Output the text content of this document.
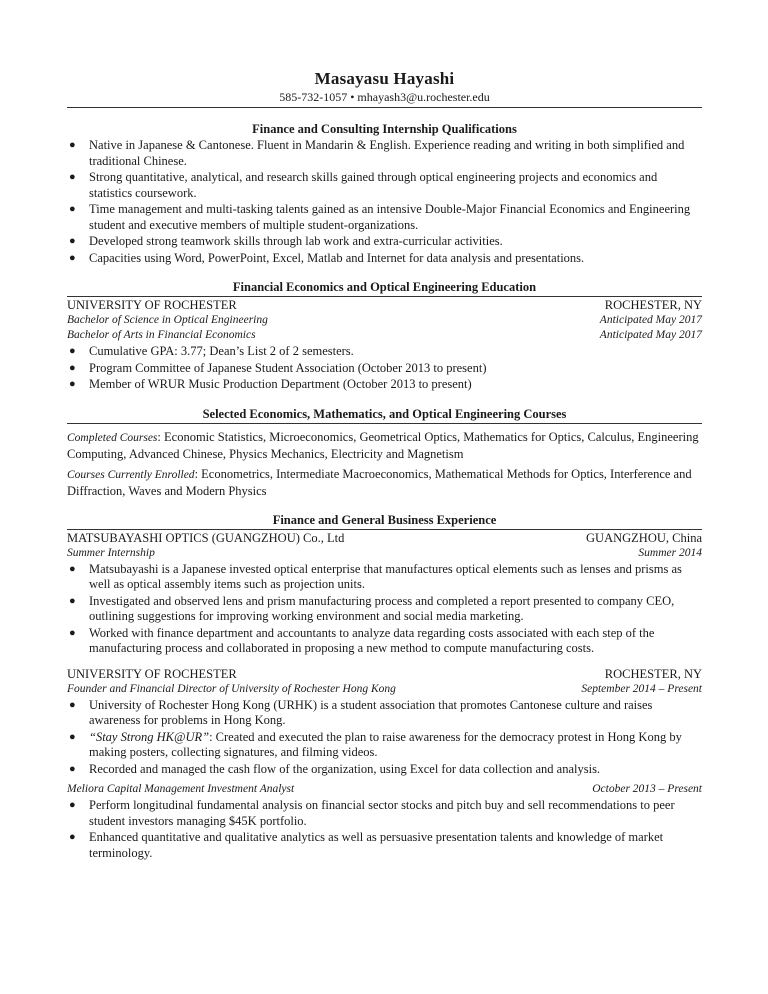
Masayasu Hayashi
585-732-1057 • mhayash3@u.rochester.edu
Finance and Consulting Internship Qualifications
● Native in Japanese & Cantonese. Fluent in Mandarin & English. Experience reading and writing in both simplified and traditional Chinese.
● Strong quantitative, analytical, and research skills gained through optical engineering projects and economics and statistics coursework.
● Time management and multi-tasking talents gained as an intensive Double-Major Financial Economics and Engineering student and executive members of multiple student-organizations.
● Developed strong teamwork skills through lab work and extra-curricular activities.
● Capacities using Word, PowerPoint, Excel, Matlab and Internet for data analysis and presentations.
Financial Economics and Optical Engineering Education
UNIVERSITY OF ROCHESTER	ROCHESTER, NY
Bachelor of Science in Optical Engineering	Anticipated May 2017
Bachelor of Arts in Financial Economics	Anticipated May 2017
● Cumulative GPA: 3.77; Dean’s List 2 of 2 semesters.
● Program Committee of Japanese Student Association (October 2013 to present)
● Member of WRUR Music Production Department (October 2013 to present)
Selected Economics, Mathematics, and Optical Engineering Courses

Completed Courses: Economic Statistics, Microeconomics, Geometrical Optics, Mathematics for Optics, Calculus, Engineering Computing, Advanced Chinese, Physics Mechanics, Electricity and Magnetism

Courses Currently Enrolled: Econometrics, Intermediate Macroeconomics, Mathematical Methods for Optics, Interference and Diffraction, Waves and Modern Physics

Finance and General Business Experience
MATSUBAYASHI OPTICS (GUANGZHOU) Co., Ltd	GUANGZHOU, China
Summer Internship	Summer 2014
● Matsubayashi is a Japanese invested optical enterprise that manufactures optical elements such as lenses and prisms as well as optical assembly items such as projection units.
● Investigated and observed lens and prism manufacturing process and completed a report presented to company CEO, outlining suggestions for improving working environment and social media marketing.
● Worked with finance department and accountants to analyze data regarding costs associated with each step of the manufacturing process and collaborated in proposing a new method to compute manufacturing costs.
UNIVERSITY OF ROCHESTER	ROCHESTER, NY
Founder and Financial Director of University of Rochester Hong Kong	September 2014 – Present
● University of Rochester Hong Kong (URHK) is a student association that promotes Cantonese culture and raises awareness for problems in Hong Kong.
● “Stay Strong HK@UR”: Created and executed the plan to raise awareness for the democracy protest in Hong Kong by making posters, collecting signatures, and filming videos.
● Recorded and managed the cash flow of the organization, using Excel for data collection and analysis.
Meliora Capital Management Investment Analyst	October 2013 – Present
● Perform longitudinal fundamental analysis on financial sector stocks and pitch buy and sell recommendations to peer student investors managing $45K portfolio.
● Enhanced quantitative and qualitative analytics as well as persuasive presentation talents and knowledge of market terminology.
